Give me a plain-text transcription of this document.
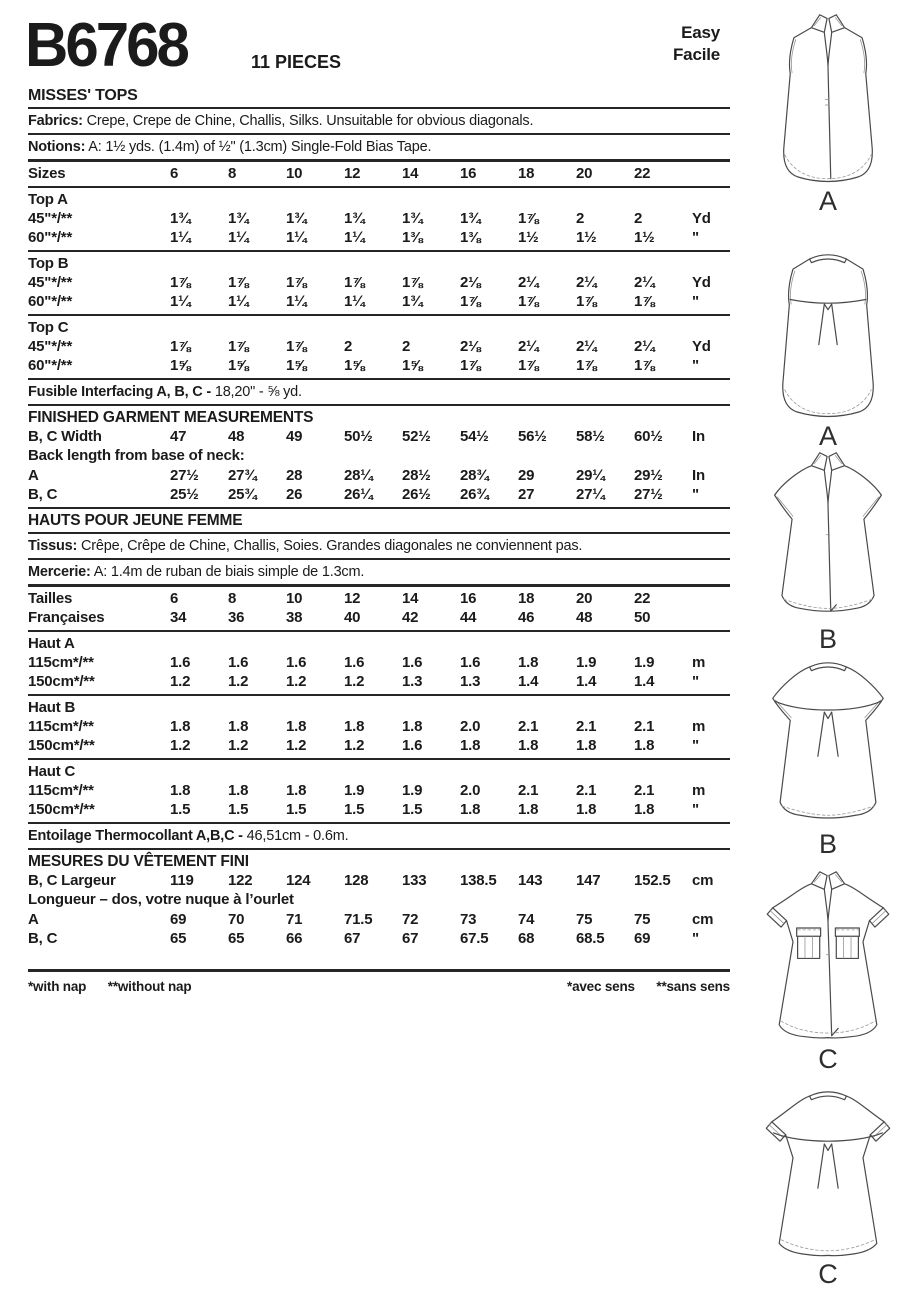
B6768	11 PIECES
Easy
Facile
MISSES' TOPS
Fabrics: Crepe, Crepe de Chine, Challis, Silks. Unsuitable for obvious diagonals.
Notions: A: 1½ yds. (1.4m) of ½" (1.3cm) Single-Fold Bias Tape.
Sizes	6	8	10	12	14	16	18	20	22
Top A
45"*/**	1¾	1¾	1¾	1¾	1¾	1¾	1⅞	2	2	Yd
60"*/**	1¼	1¼	1¼	1¼	1⅜	1⅜	1½	1½	1½	"
Top B
45"*/**	1⅞	1⅞	1⅞	1⅞	1⅞	2⅛	2¼	2¼	2¼	Yd
60"*/**	1¼	1¼	1¼	1¼	1¾	1⅞	1⅞	1⅞	1⅞	"
Top C
45"*/**	1⅞	1⅞	1⅞	2	2	2⅛	2¼	2¼	2¼	Yd
60"*/**	1⅝	1⅝	1⅝	1⅝	1⅝	1⅞	1⅞	1⅞	1⅞	"
Fusible Interfacing A, B, C - 18,20" - ⅝ yd.
FINISHED GARMENT MEASUREMENTS
B, C Width	47	48	49	50½	52½	54½	56½	58½	60½	In
Back length from base of neck:
A	27½	27¾	28	28¼	28½	28¾	29	29¼	29½	In
B, C	25½	25¾	26	26¼	26½	26¾	27	27¼	27½	"
HAUTS POUR JEUNE FEMME
Tissus: Crêpe, Crêpe de Chine, Challis, Soies. Grandes diagonales ne conviennent pas.
Mercerie: A: 1.4m de ruban de biais simple de 1.3cm.
Tailles	6	8	10	12	14	16	18	20	22
Françaises	34	36	38	40	42	44	46	48	50
Haut A
115cm*/**	1.6	1.6	1.6	1.6	1.6	1.6	1.8	1.9	1.9	m
150cm*/**	1.2	1.2	1.2	1.2	1.3	1.3	1.4	1.4	1.4	"
Haut B
115cm*/**	1.8	1.8	1.8	1.8	1.8	2.0	2.1	2.1	2.1	m
150cm*/**	1.2	1.2	1.2	1.2	1.6	1.8	1.8	1.8	1.8	"
Haut C
115cm*/**	1.8	1.8	1.8	1.9	1.9	2.0	2.1	2.1	2.1	m
150cm*/**	1.5	1.5	1.5	1.5	1.5	1.8	1.8	1.8	1.8	"
Entoilage Thermocollant A,B,C - 46,51cm - 0.6m.
MESURES DU VÊTEMENT FINI
B, C Largeur	119	122	124	128	133	138.5	143	147	152.5	cm
Longueur – dos, votre nuque à l’ourlet
A	69	70	71	71.5	72	73	74	75	75	cm
B, C	65	65	66	67	67	67.5	68	68.5	69	"
*with nap **without nap	*avec sens **sans sens
A
A
B
B
C
C
